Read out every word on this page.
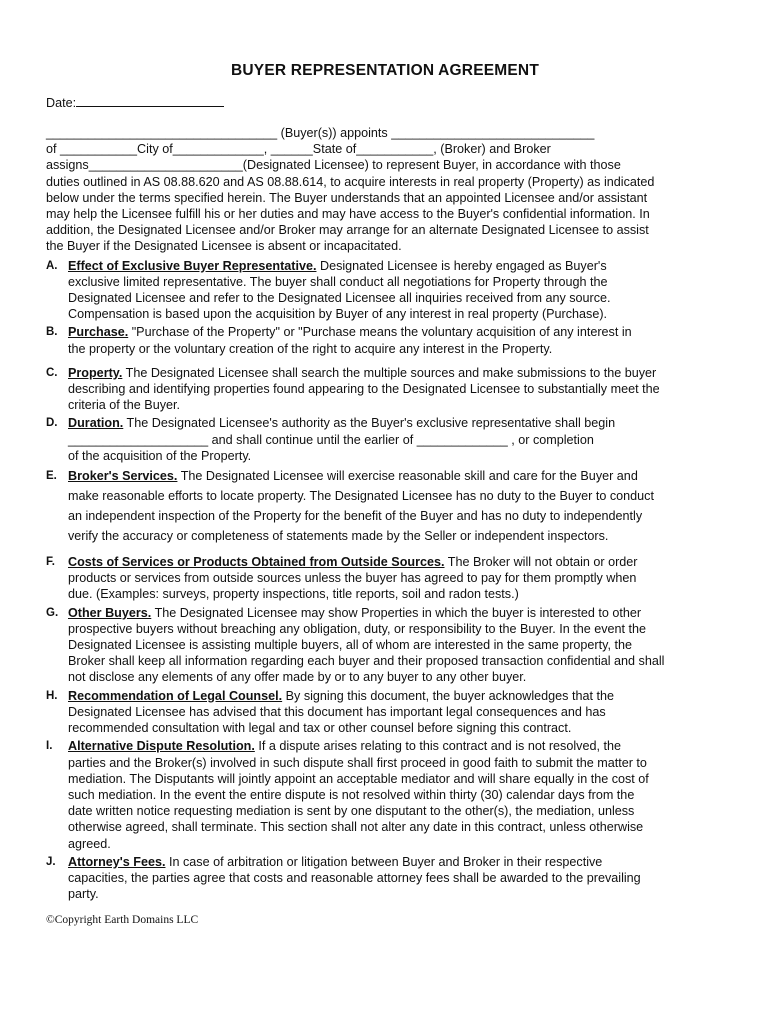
BUYER REPRESENTATION AGREEMENT
Date:
_________________________________ (Buyer(s)) appoints _____________________________
of ___________City of_____________, ______State of___________, (Broker) and Broker
assigns______________________(Designated Licensee) to represent Buyer, in accordance with those
duties outlined in AS 08.88.620 and AS 08.88.614, to acquire interests in real property (Property) as indicated
below under the terms specified herein. The Buyer understands that an appointed Licensee and/or assistant
may help the Licensee fulfill his or her duties and may have access to the Buyer's confidential information. In
addition, the Designated Licensee and/or Broker may arrange for an alternate Designated Licensee to assist
the Buyer if the Designated Licensee is absent or incapacitated.
A. Effect of Exclusive Buyer Representative. Designated Licensee is hereby engaged as Buyer's
exclusive limited representative. The buyer shall conduct all negotiations for Property through the
Designated Licensee and refer to the Designated Licensee all inquiries received from any source.
Compensation is based upon the acquisition by Buyer of any interest in real property (Purchase).
B. Purchase. "Purchase of the Property" or "Purchase means the voluntary acquisition of any interest in
the property or the voluntary creation of the right to acquire any interest in the Property.
C. Property. The Designated Licensee shall search the multiple sources and make submissions to the buyer
describing and identifying properties found appearing to the Designated Licensee to substantially meet the
criteria of the Buyer.
D. Duration. The Designated Licensee's authority as the Buyer's exclusive representative shall begin
____________________ and shall continue until the earlier of _____________ , or completion
of the acquisition of the Property.
E. Broker's Services. The Designated Licensee will exercise reasonable skill and care for the Buyer and
make reasonable efforts to locate property. The Designated Licensee has no duty to the Buyer to conduct
an independent inspection of the Property for the benefit of the Buyer and has no duty to independently
verify the accuracy or completeness of statements made by the Seller or independent inspectors.
F.	Costs of Services or Products Obtained from Outside Sources. The Broker will not obtain or order
products or services from outside sources unless the buyer has agreed to pay for them promptly when
due. (Examples: surveys, property inspections, title reports, soil and radon tests.)
G. Other Buyers. The Designated Licensee may show Properties in which the buyer is interested to other
prospective buyers without breaching any obligation, duty, or responsibility to the Buyer. In the event the
Designated Licensee is assisting multiple buyers, all of whom are interested in the same property, the
Broker shall keep all information regarding each buyer and their proposed transaction confidential and shall
not disclose any elements of any offer made by or to any buyer to any other buyer.
H. Recommendation of Legal Counsel. By signing this document, the buyer acknowledges that the
Designated Licensee has advised that this document has important legal consequences and has
recommended consultation with legal and tax or other counsel before signing this contract.
I.	Alternative Dispute Resolution. If a dispute arises relating to this contract and is not resolved, the
parties and the Broker(s) involved in such dispute shall first proceed in good faith to submit the matter to
mediation. The Disputants will jointly appoint an acceptable mediator and will share equally in the cost of
such mediation. In the event the entire dispute is not resolved within thirty (30) calendar days from the
date written notice requesting mediation is sent by one disputant to the other(s), the mediation, unless
otherwise agreed, shall terminate. This section shall not alter any date in this contract, unless otherwise
agreed.
J. Attorney's Fees. In case of arbitration or litigation between Buyer and Broker in their respective
capacities, the parties agree that costs and reasonable attorney fees shall be awarded to the prevailing
party.
©Copyright Earth Domains LLC
